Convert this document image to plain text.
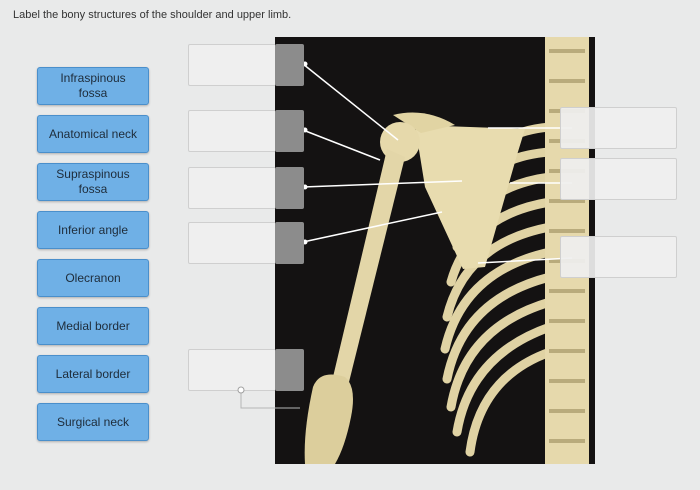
Label the bony structures of the shoulder and upper limb.
Infraspinous
fossa
Anatomical neck
Supraspinous
fossa
Inferior angle
Olecranon
Medial border
Lateral border
Surgical neck
